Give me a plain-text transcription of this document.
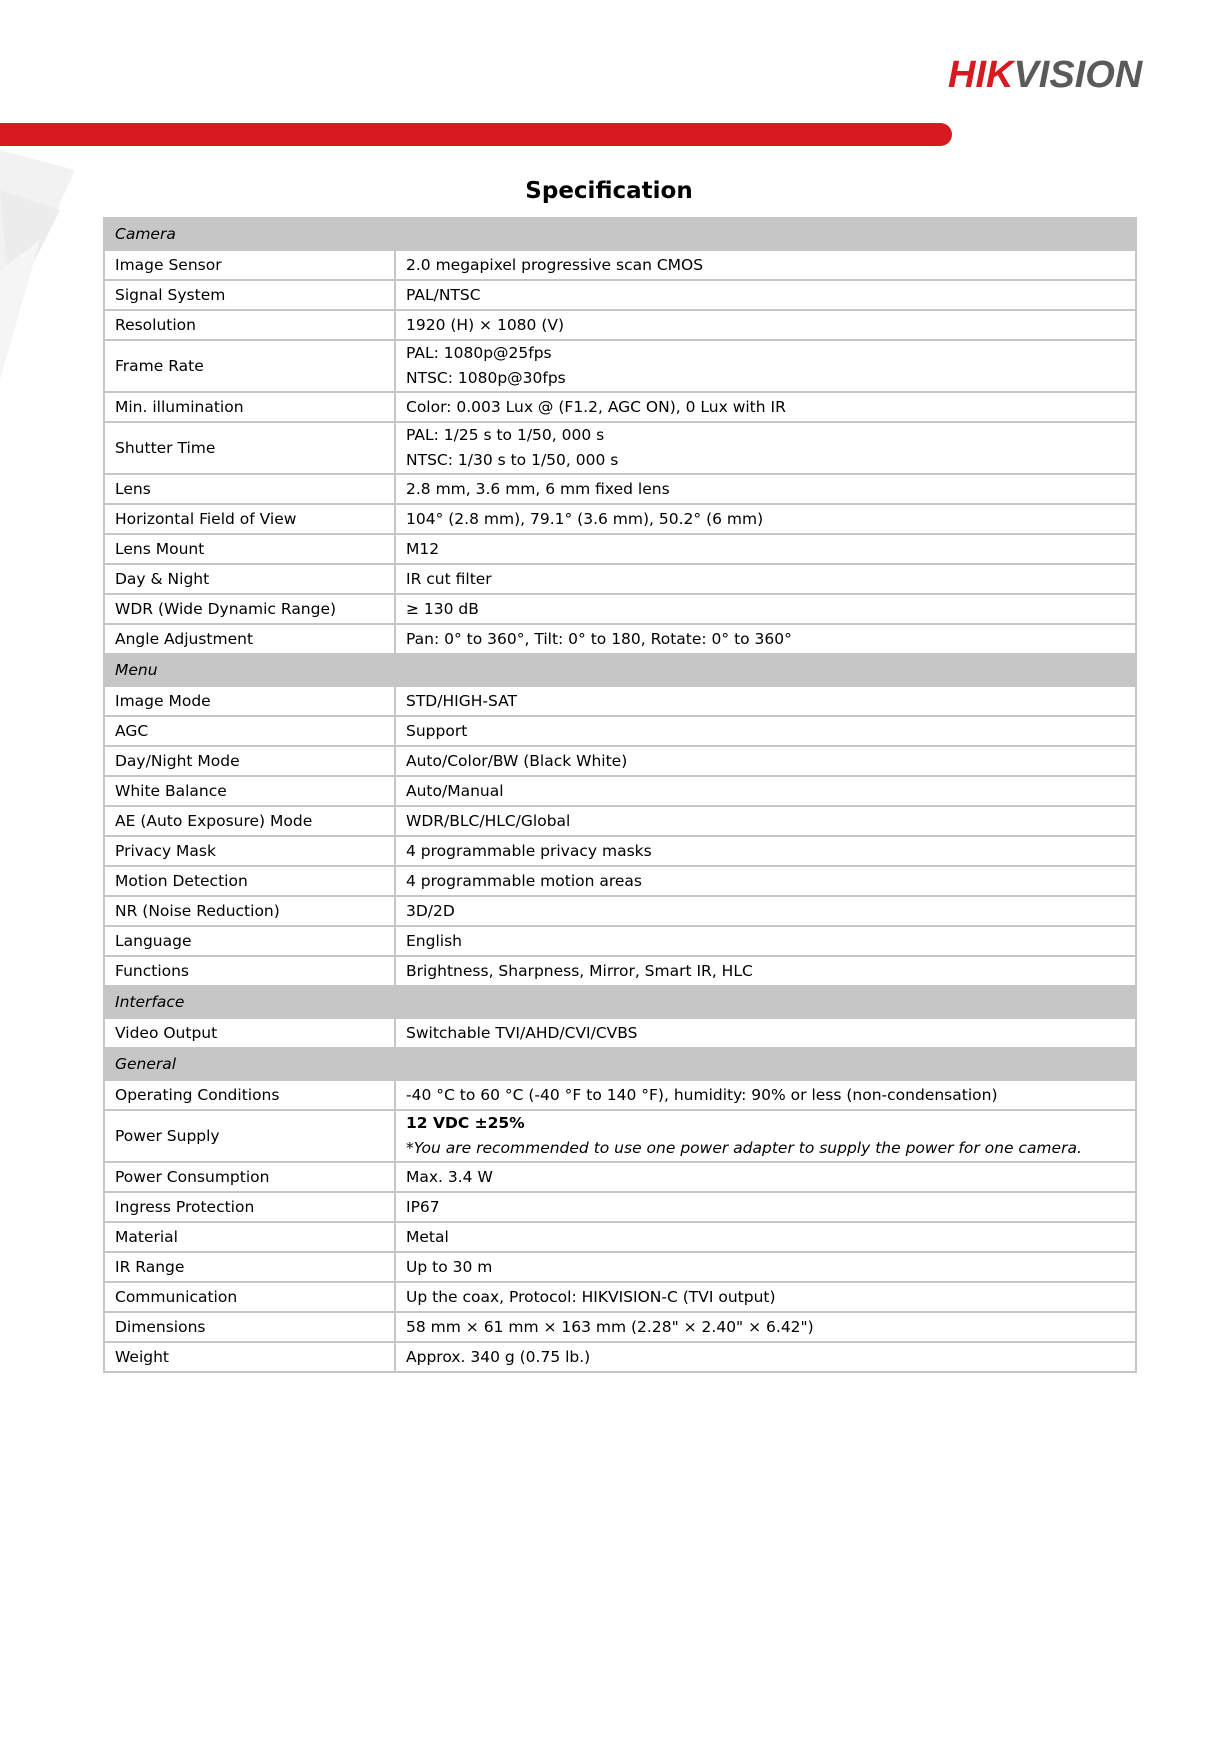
HIKVISION
Specification
Camera	
Image Sensor	2.0 megapixel progressive scan CMOS
Signal System	PAL/NTSC
Resolution	1920 (H) × 1080 (V)
Frame Rate	PAL: 1080p@25fps
NTSC: 1080p@30fps

Min. illumination	Color: 0.003 Lux @ (F1.2, AGC ON), 0 Lux with IR
Shutter Time	PAL: 1/25 s to 1/50, 000 s
NTSC: 1/30 s to 1/50, 000 s

Lens	2.8 mm, 3.6 mm, 6 mm fixed lens
Horizontal Field of View	104° (2.8 mm), 79.1° (3.6 mm), 50.2° (6 mm)
Lens Mount	M12
Day & Night	IR cut filter
WDR (Wide Dynamic Range)	≥ 130 dB
Angle Adjustment	Pan: 0° to 360°, Tilt: 0° to 180, Rotate: 0° to 360°
Menu	
Image Mode	STD/HIGH-SAT
AGC	Support
Day/Night Mode	Auto/Color/BW (Black White)
White Balance	Auto/Manual
AE (Auto Exposure) Mode	WDR/BLC/HLC/Global
Privacy Mask	4 programmable privacy masks
Motion Detection	4 programmable motion areas
NR (Noise Reduction)	3D/2D
Language	English
Functions	Brightness, Sharpness, Mirror, Smart IR, HLC
Interface	
Video Output	Switchable TVI/AHD/CVI/CVBS
General	
Operating Conditions	-40 °C to 60 °C (-40 °F to 140 °F), humidity: 90% or less (non-condensation)
Power Supply	12 VDC ±25%
*You are recommended to use one power adapter to supply the power for one camera.

Power Consumption	Max. 3.4 W
Ingress Protection	IP67
Material	Metal
IR Range	Up to 30 m
Communication	Up the coax, Protocol: HIKVISION-C (TVI output)
Dimensions	58 mm × 61 mm × 163 mm (2.28" × 2.40" × 6.42")
Weight	Approx. 340 g (0.75 lb.)
